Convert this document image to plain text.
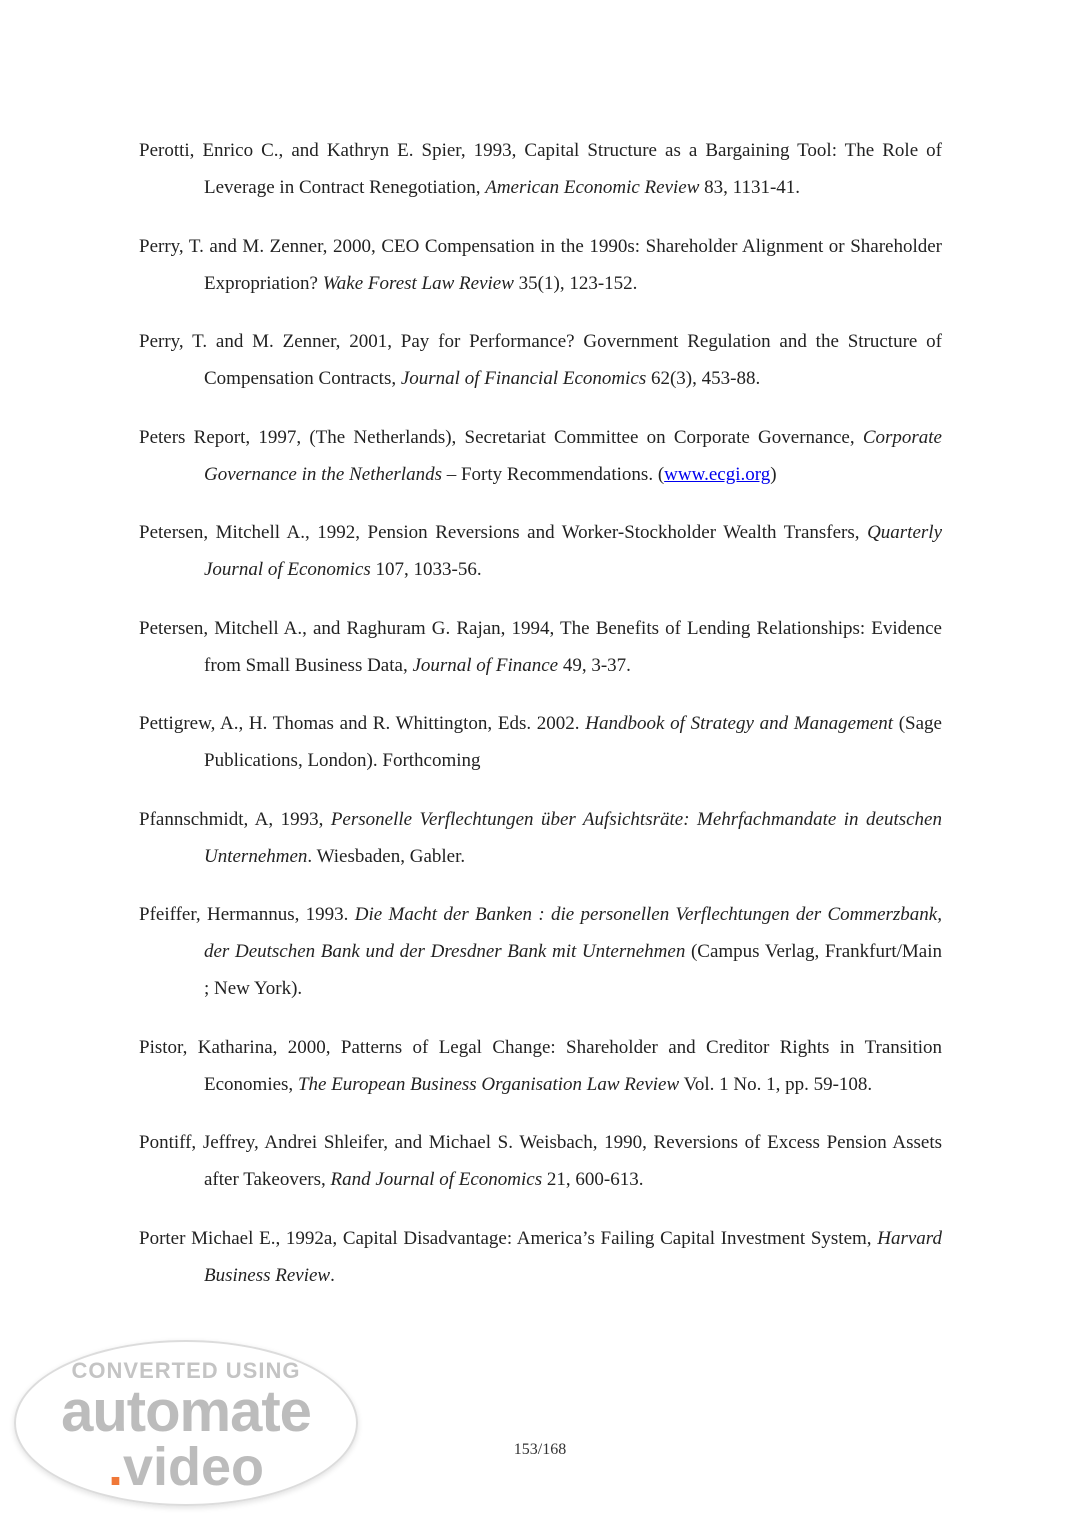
Perotti, Enrico C., and Kathryn E. Spier, 1993, Capital Structure as a Bargaining Tool: The Role of Leverage in Contract Renegotiation, American Economic Review 83, 1131-41.

Perry, T. and M. Zenner, 2000, CEO Compensation in the 1990s: Shareholder Alignment or Shareholder Expropriation? Wake Forest Law Review 35(1), 123-152.

Perry, T. and M. Zenner, 2001, Pay for Performance? Government Regulation and the Structure of Compensation Contracts, Journal of Financial Economics 62(3), 453-88.

Peters Report, 1997, (The Netherlands), Secretariat Committee on Corporate Governance, Corporate Governance in the Netherlands – Forty Recommendations. (www.ecgi.org)

Petersen, Mitchell A., 1992, Pension Reversions and Worker-Stockholder Wealth Transfers, Quarterly Journal of Economics 107, 1033-56.

Petersen, Mitchell A., and Raghuram G. Rajan, 1994, The Benefits of Lending Relationships: Evidence from Small Business Data, Journal of Finance 49, 3-37.

Pettigrew, A., H. Thomas and R. Whittington, Eds. 2002. Handbook of Strategy and Management (Sage Publications, London). Forthcoming

Pfannschmidt, A, 1993, Personelle Verflechtungen über Aufsichtsräte: Mehrfachmandate in deutschen Unternehmen. Wiesbaden, Gabler.

Pfeiffer, Hermannus, 1993. Die Macht der Banken : die personellen Verflechtungen der Commerzbank, der Deutschen Bank und der Dresdner Bank mit Unternehmen (Campus Verlag, Frankfurt/Main ; New York).

Pistor, Katharina, 2000, Patterns of Legal Change: Shareholder and Creditor Rights in Transition Economies, The European Business Organisation Law Review Vol. 1 No. 1, pp. 59-108.

Pontiff, Jeffrey, Andrei Shleifer, and Michael S. Weisbach, 1990, Reversions of Excess Pension Assets after Takeovers, Rand Journal of Economics 21, 600-613.

Porter Michael E., 1992a, Capital Disadvantage: America’s Failing Capital Investment System, Harvard Business Review.

153/168
CONVERTED USING
automate
.video
